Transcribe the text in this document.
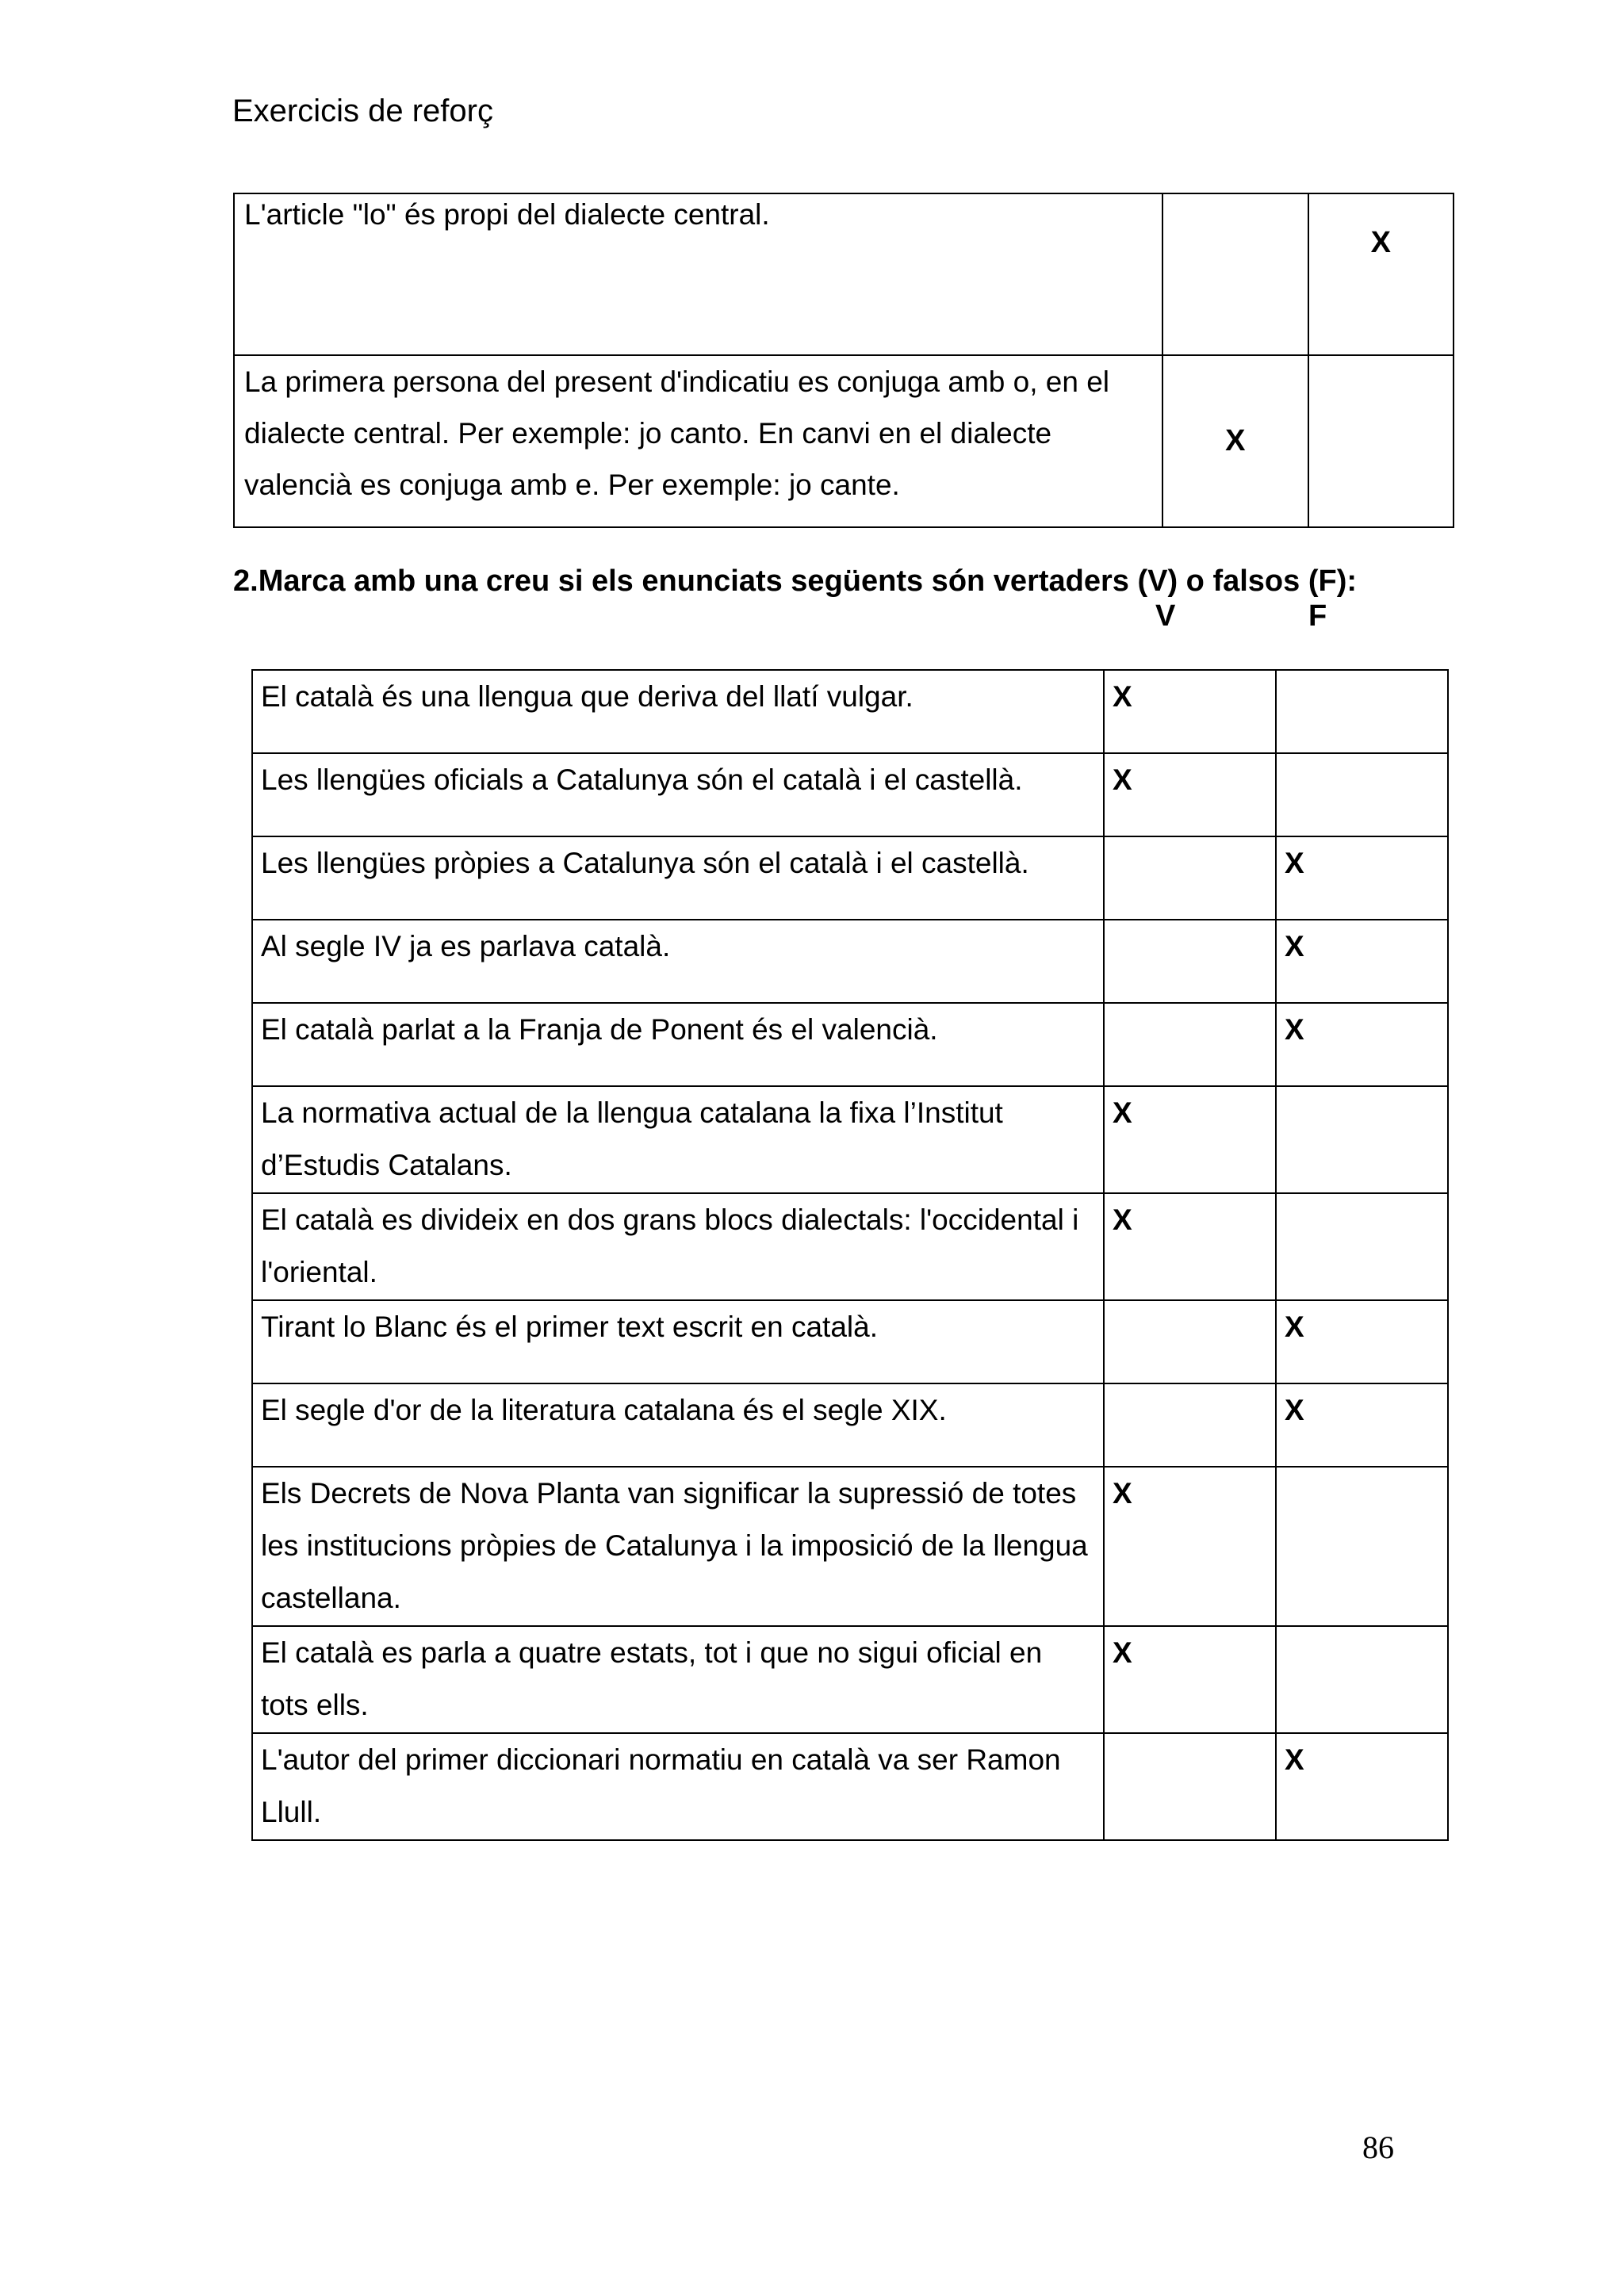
Exercicis de reforç
L'article "lo" és propi del dialecte central.		X
La primera persona del present d'indicatiu es conjuga amb o, en el dialecte central. Per exemple: jo canto. En canvi en el dialecte valencià es conjuga amb e. Per exemple: jo cante.	X	
2.Marca amb una creu si els enunciats següents són vertaders (V) o falsos (F):
V	F
El català és una llengua que deriva del llatí vulgar.	X	
Les llengües oficials a Catalunya són el català i el castellà.	X	
Les llengües pròpies a Catalunya són el català i el castellà.		X
Al segle IV ja es parlava català.		X
El català parlat a la Franja de Ponent és el valencià.		X
La normativa actual de la llengua catalana la fixa l’Institut d’Estudis Catalans.	X	
El català es divideix en dos grans blocs dialectals: l'occidental i l'oriental.	X	
Tirant lo Blanc és el primer text escrit en català.		X
El segle d'or de la literatura catalana és el segle XIX.		X
Els Decrets de Nova Planta van significar la supressió de totes les institucions pròpies de Catalunya i la imposició de la llengua castellana.	X	
El català es parla a quatre estats, tot i que no sigui oficial en tots ells.	X	
L'autor del primer diccionari normatiu en català va ser Ramon Llull.		X
86
